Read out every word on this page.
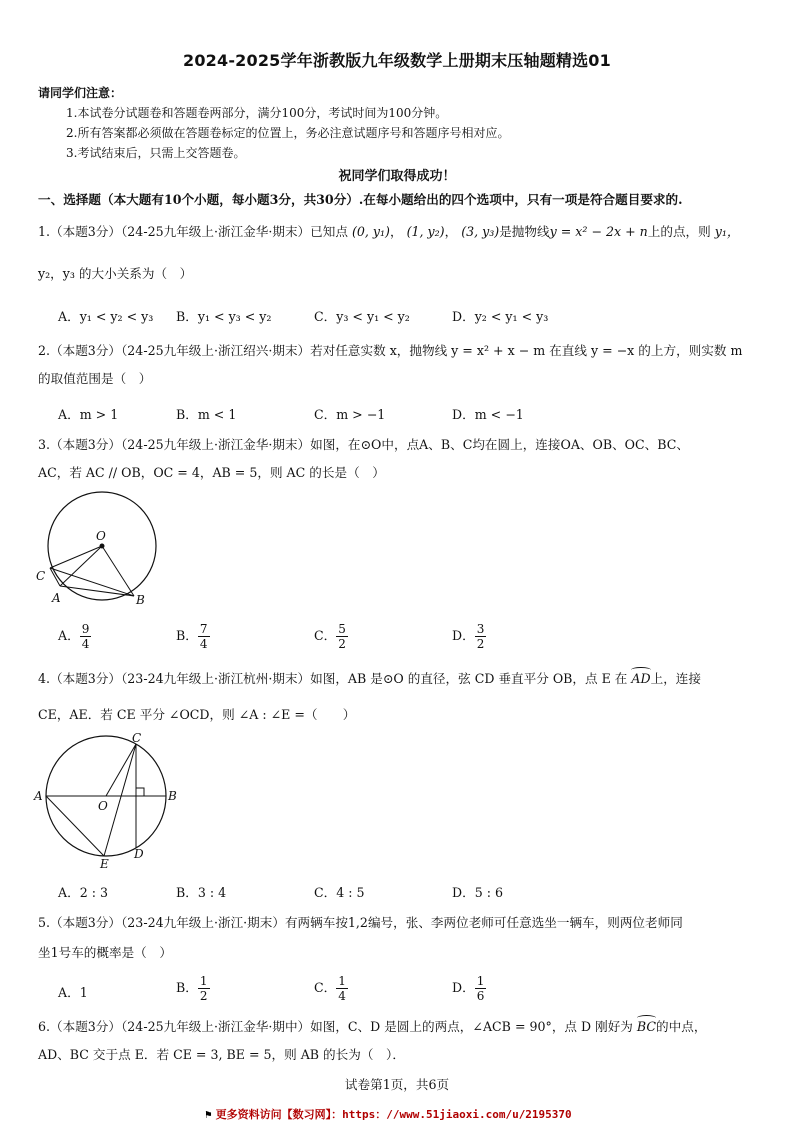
2024-2025学年浙教版九年级数学上册期末压轴题精选01
请同学们注意：
1.本试卷分试题卷和答题卷两部分，满分100分，考试时间为100分钟。
2.所有答案都必须做在答题卷标定的位置上，务必注意试题序号和答题序号相对应。
3.考试结束后，只需上交答题卷。
祝同学们取得成功！
一、选择题（本大题有10个小题，每小题3分，共30分）.在每小题给出的四个选项中，只有一项是符合题目要求的.
1.（本题3分）（24-25九年级上·浙江金华·期末）已知点 (0, y₁)， (1, y₂)， (3, y₃)是抛物线y = x² − 2x + n上的点，则 y₁，
y₂，y₃ 的大小关系为（　）
A．y₁ < y₂ < y₃ B．y₁ < y₃ < y₂	C．y₃ < y₁ < y₂	D．y₂ < y₁ < y₃
2.（本题3分）（24-25九年级上·浙江绍兴·期末）若对任意实数 x，抛物线 y = x² + x − m 在直线 y = −x 的上方，则实数 m
的取值范围是（　）
A．m > 1	B．m < 1	C．m > −1	D．m < −1
3.（本题3分）（24-25九年级上·浙江金华·期末）如图，在⊙O中，点A、B、C均在圆上，连接OA、OB、OC、BC、
AC，若 AC // OB，OC = 4，AB = 5，则 AC 的长是（　）
O
C
A	B
A． $\frac{9}{4}$	B． $\frac{7}{4}$	C． $\frac{5}{2}$	D． $\frac{3}{2}$
4.（本题3分）（23-24九年级上·浙江杭州·期末）如图，AB 是⊙O 的直径，弦 CD 垂直平分 OB，点 E 在 AD上，连接
CE，AE．若 CE 平分 ∠OCD，则 ∠A : ∠E =（　　）
C
A
O
B
E
D
A．2 : 3	B．3 : 4	C．4 : 5	D．5 : 6
5.（本题3分）（23-24九年级上·浙江·期末）有两辆车按1,2编号，张、李两位老师可任意选坐一辆车，则两位老师同
坐1号车的概率是（　）
A．1	B． $\frac{1}{2}$	C． $\frac{1}{4}$	D． $\frac{1}{6}$
6.（本题3分）（24-25九年级上·浙江金华·期中）如图，C、D 是圆上的两点，∠ACB = 90°，点 D 刚好为 BC的中点，
AD、BC 交于点 E．若 CE = 3, BE = 5，则 AB 的长为（　）．
试卷第1页，共6页
⚑ 更多资料访问【数习网】：https：//www.51jiaoxi.com/u/2195370
